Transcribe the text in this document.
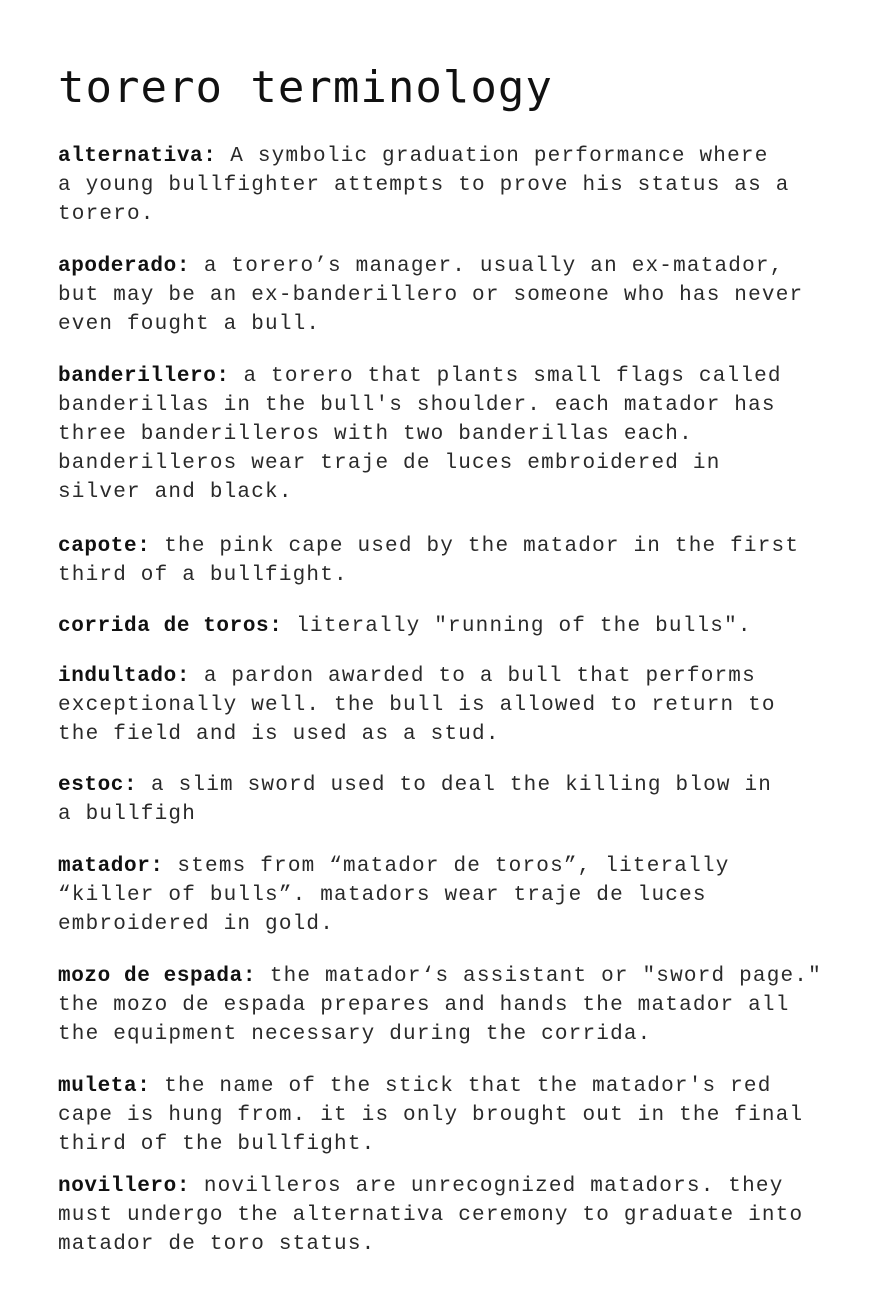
torero terminology

alternativa: A symbolic graduation performance where
a young bullfighter attempts to prove his status as a
torero.

apoderado: a torero’s manager. usually an ex-matador,
but may be an ex-banderillero or someone who has never
even fought a bull.

banderillero: a torero that plants small flags called
banderillas in the bull's shoulder. each matador has
three banderilleros with two banderillas each.
banderilleros wear traje de luces embroidered in
silver and black.

capote: the pink cape used by the matador in the first
third of a bullfight.

corrida de toros: literally "running of the bulls".

indultado: a pardon awarded to a bull that performs
exceptionally well. the bull is allowed to return to
the field and is used as a stud.

estoc: a slim sword used to deal the killing blow in
a bullfigh

matador: stems from “matador de toros”, literally
“killer of bulls”. matadors wear traje de luces
embroidered in gold.

mozo de espada: the matador‘s assistant or "sword page."
the mozo de espada prepares and hands the matador all
the equipment necessary during the corrida.

muleta: the name of the stick that the matador's red
cape is hung from. it is only brought out in the final
third of the bullfight.

novillero: novilleros are unrecognized matadors. they
must undergo the alternativa ceremony to graduate into
matador de toro status.
